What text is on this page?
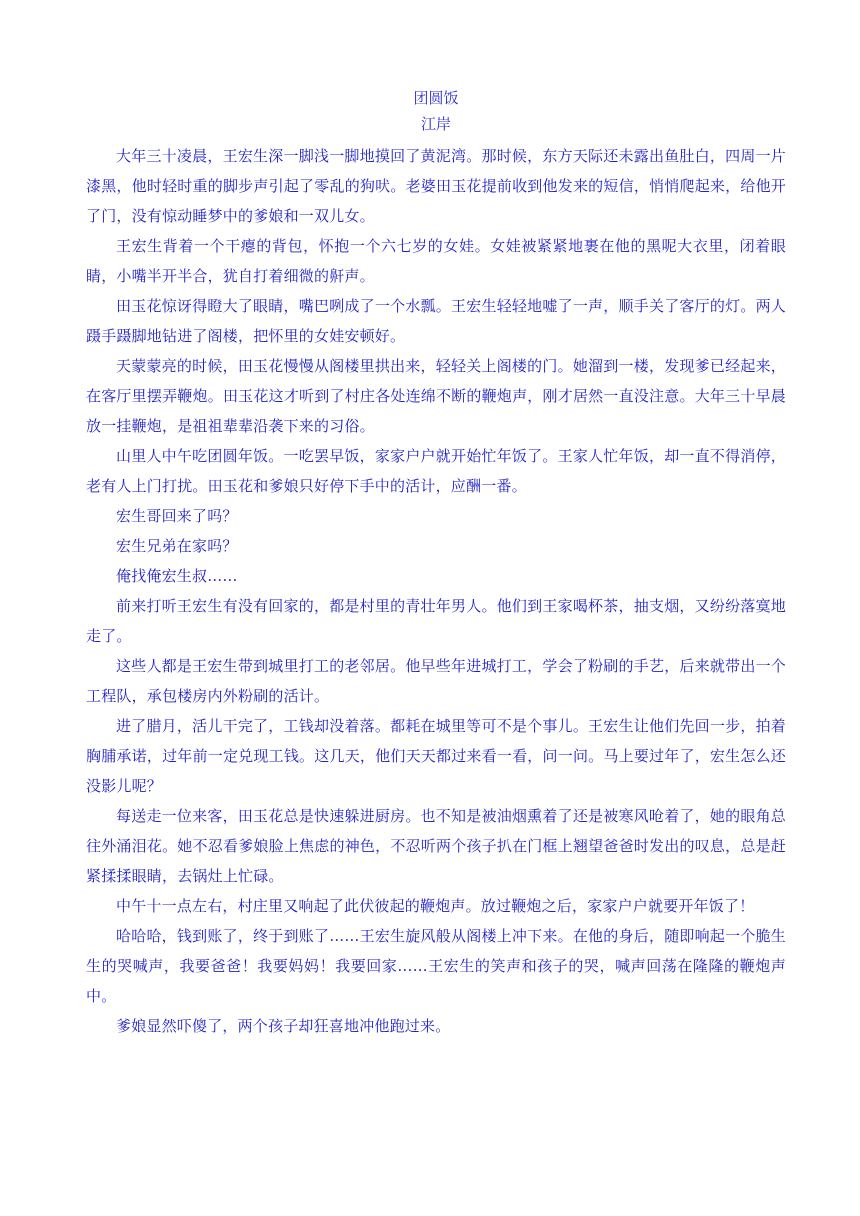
团圆饭
江岸

大年三十凌晨，王宏生深一脚浅一脚地摸回了黄泥湾。那时候，东方天际还未露出鱼肚白，四周一片漆黑，他时轻时重的脚步声引起了零乱的狗吠。老婆田玉花提前收到他发来的短信，悄悄爬起来，给他开了门，没有惊动睡梦中的爹娘和一双儿女。

王宏生背着一个干瘪的背包，怀抱一个六七岁的女娃。女娃被紧紧地裹在他的黑呢大衣里，闭着眼睛，小嘴半开半合，犹自打着细微的鼾声。

田玉花惊讶得瞪大了眼睛，嘴巴咧成了一个水瓢。王宏生轻轻地嘘了一声，顺手关了客厅的灯。两人蹑手蹑脚地钻进了阁楼，把怀里的女娃安顿好。

天蒙蒙亮的时候，田玉花慢慢从阁楼里拱出来，轻轻关上阁楼的门。她溜到一楼，发现爹已经起来，在客厅里摆弄鞭炮。田玉花这才听到了村庄各处连绵不断的鞭炮声，刚才居然一直没注意。大年三十早晨放一挂鞭炮，是祖祖辈辈沿袭下来的习俗。

山里人中午吃团圆年饭。一吃罢早饭，家家户户就开始忙年饭了。王家人忙年饭，却一直不得消停，老有人上门打扰。田玉花和爹娘只好停下手中的活计，应酬一番。

宏生哥回来了吗？

宏生兄弟在家吗？

俺找俺宏生叔……

前来打听王宏生有没有回家的，都是村里的青壮年男人。他们到王家喝杯茶，抽支烟，又纷纷落寞地走了。

这些人都是王宏生带到城里打工的老邻居。他早些年进城打工，学会了粉刷的手艺，后来就带出一个工程队，承包楼房内外粉刷的活计。

进了腊月，活儿干完了，工钱却没着落。都耗在城里等可不是个事儿。王宏生让他们先回一步，拍着胸脯承诺，过年前一定兑现工钱。这几天，他们天天都过来看一看，问一问。马上要过年了，宏生怎么还没影儿呢？

每送走一位来客，田玉花总是快速躲进厨房。也不知是被油烟熏着了还是被寒风呛着了，她的眼角总往外涌泪花。她不忍看爹娘脸上焦虑的神色，不忍听两个孩子扒在门框上翘望爸爸时发出的叹息，总是赶紧揉揉眼睛，去锅灶上忙碌。

中午十一点左右，村庄里又响起了此伏彼起的鞭炮声。放过鞭炮之后，家家户户就要开年饭了！

哈哈哈，钱到账了，终于到账了……王宏生旋风般从阁楼上冲下来。在他的身后，随即响起一个脆生生的哭喊声，我要爸爸！我要妈妈！我要回家……王宏生的笑声和孩子的哭，喊声回荡在隆隆的鞭炮声中。

爹娘显然吓傻了，两个孩子却狂喜地冲他跑过来。
